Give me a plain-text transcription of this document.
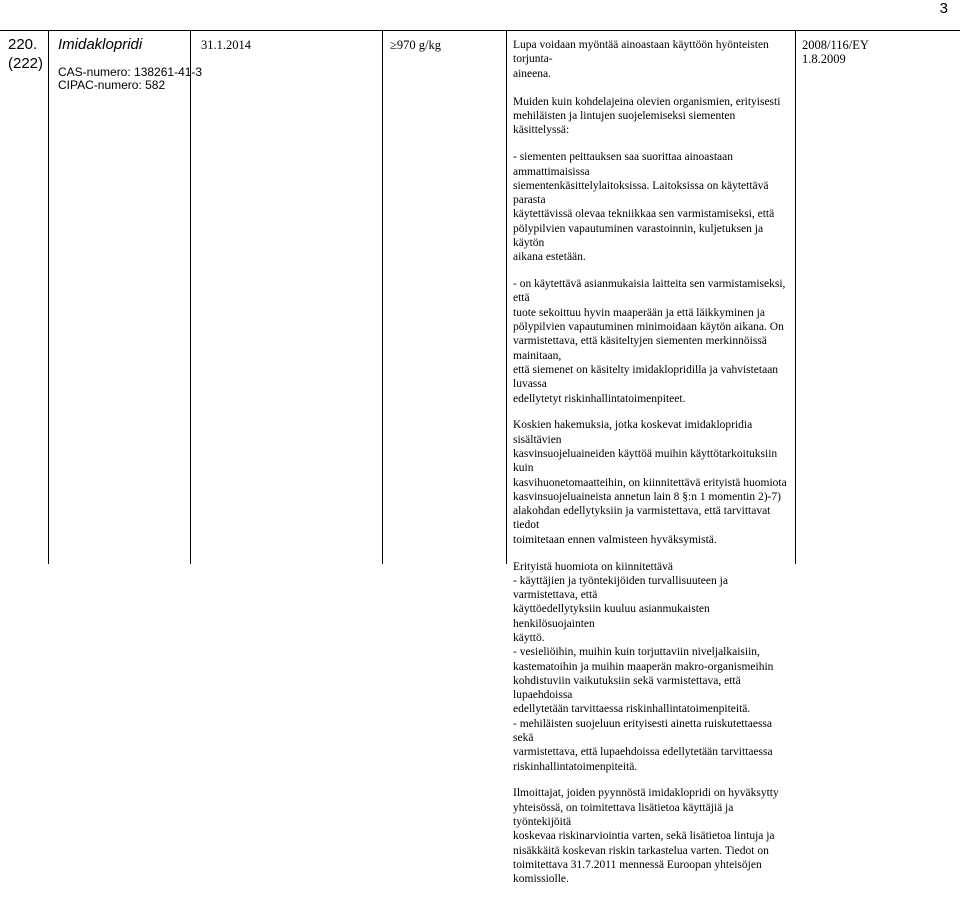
3
220.
(222)
Imidaklopridi
CAS-numero: 138261-41-3
CIPAC-numero: 582
31.1.2014	≥970 g/kg	Lupa voidaan myöntää ainoastaan käyttöön hyönteisten torjunta-
aineena.

Muiden kuin kohdelajeina olevien organismien, erityisesti
mehiläisten ja lintujen suojelemiseksi siementen käsittelyssä:

- siementen peittauksen saa suorittaa ainoastaan ammattimaisissa
siementenkäsittelylaitoksissa. Laitoksissa on käytettävä parasta
käytettävissä olevaa tekniikkaa sen varmistamiseksi, että
pölypilvien vapautuminen varastoinnin, kuljetuksen ja käytön
aikana estetään.

- on käytettävä asianmukaisia laitteita sen varmistamiseksi, että
tuote sekoittuu hyvin maaperään ja että läikkyminen ja
pölypilvien vapautuminen minimoidaan käytön aikana. On
varmistettava, että käsiteltyjen siementen merkinnöissä mainitaan,
että siemenet on käsitelty imidaklopridilla ja vahvistetaan luvassa
edellytetyt riskinhallintatoimenpiteet.

Koskien hakemuksia, jotka koskevat imidaklopridia sisältävien
kasvinsuojeluaineiden käyttöä muihin käyttötarkoituksiin kuin
kasvihuonetomaatteihin, on kiinnitettävä erityistä huomiota
kasvinsuojeluaineista annetun lain 8 §:n 1 momentin 2)-7)
alakohdan edellytyksiin ja varmistettava, että tarvittavat tiedot
toimitetaan ennen valmisteen hyväksymistä.

Erityistä huomiota on kiinnitettävä
- käyttäjien ja työntekijöiden turvallisuuteen ja varmistettava, että
käyttöedellytyksiin kuuluu asianmukaisten henkilösuojainten
käyttö.
- vesieliöihin, muihin kuin torjuttaviin niveljalkaisiin,
kastematoihin ja muihin maaperän makro-organismeihin
kohdistuviin vaikutuksiin sekä varmistettava, että lupaehdoissa
edellytetään tarvittaessa riskinhallintatoimenpiteitä.
- mehiläisten suojeluun erityisesti ainetta ruiskutettaessa sekä
varmistettava, että lupaehdoissa edellytetään tarvittaessa
riskinhallintatoimenpiteitä.

Ilmoittajat, joiden pyynnöstä imidaklopridi on hyväksytty
yhteisössä, on toimitettava lisätietoa käyttäjiä ja työntekijöitä
koskevaa riskinarviointia varten, sekä lisätietoa lintuja ja
nisäkkäitä koskevan riskin tarkastelua varten. Tiedot on
toimitettava 31.7.2011 mennessä Euroopan yhteisöjen
komissiolle.

2008/116/EY
1.8.2009
